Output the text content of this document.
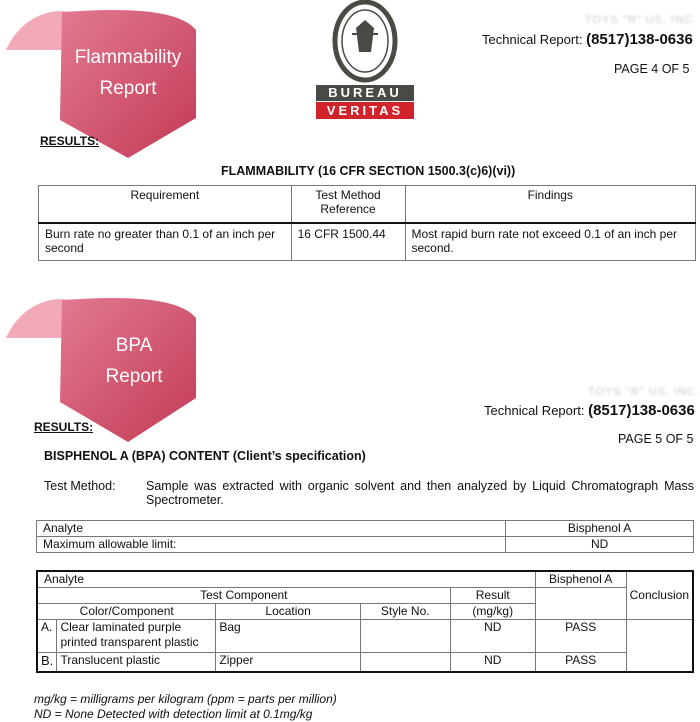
Flammability
Report	BUREAU
VERITAS
TOYS "R" US, INC.
Technical Report: (8517)138-0636
PAGE 4 OF 5
RESULTS:
FLAMMABILITY (16 CFR SECTION 1500.3(c)6)(vi))
Requirement	Test Method Reference	Findings
Burn rate no greater than 0.1 of an inch per second	16 CFR 1500.44	Most rapid burn rate not exceed 0.1 of an inch per second.
BPA
Report
TOYS "R" US, INC.
Technical Report: (8517)138-0636
PAGE 5 OF 5
RESULTS:
BISPHENOL A (BPA) CONTENT (Client’s specification)
Test Method: Sample was extracted with organic solvent and then analyzed by Liquid Chromatograph Mass Spectrometer.
Analyte	Bisphenol A
Maximum allowable limit:	ND
Analyte					Bisphenol A	Conclusion
Test Component				Result		
Color/Component		Location	Style No.	(mg/kg)		
A.	Clear laminated purple printed transparent plastic	Bag		ND	PASS	
B.	Translucent plastic	Zipper		ND	PASS	
mg/kg = milligrams per kilogram (ppm = parts per million)
ND = None Detected with detection limit at 0.1mg/kg
